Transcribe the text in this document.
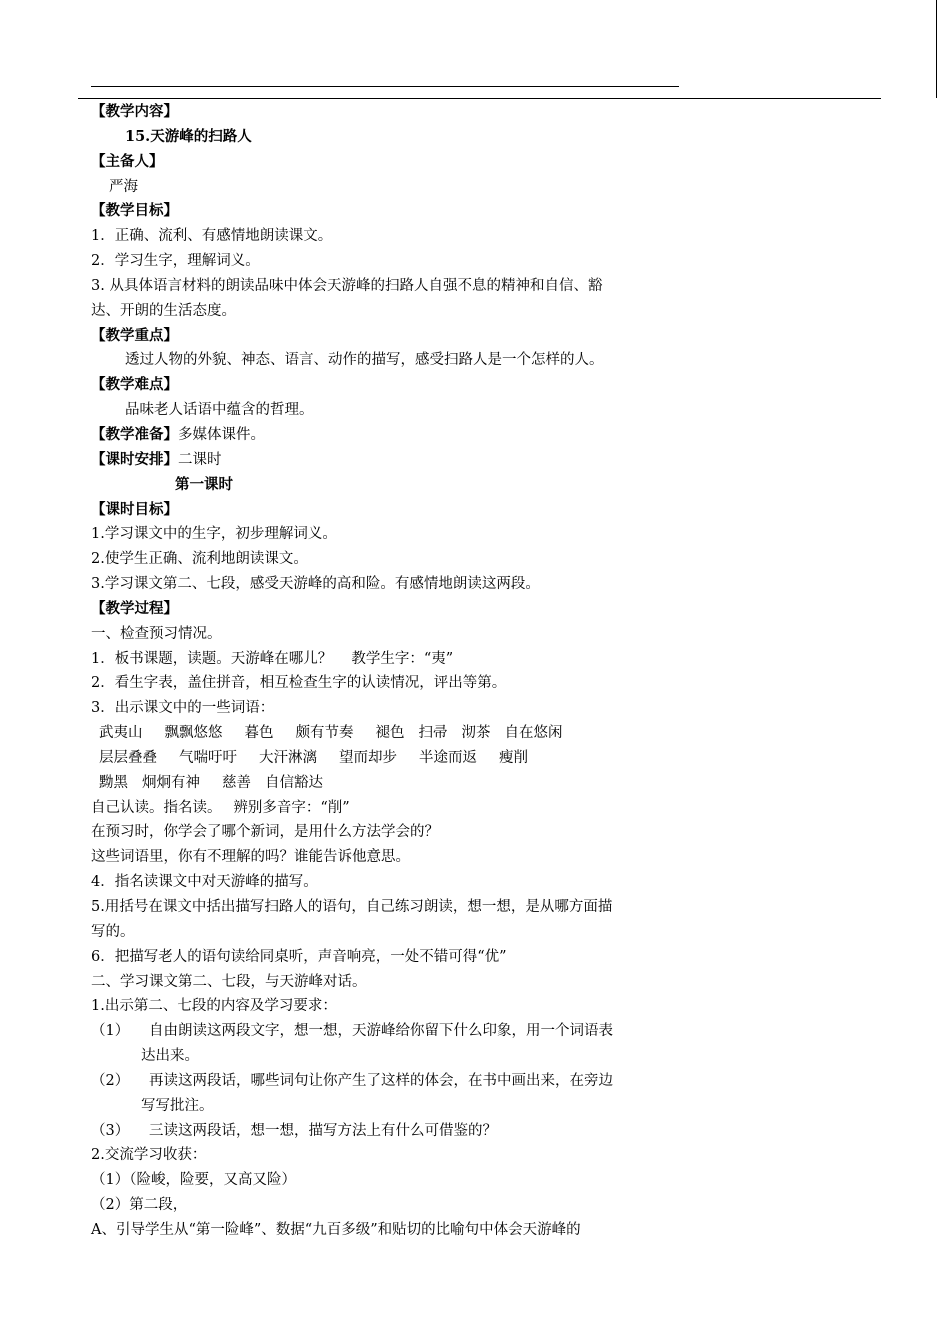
【教学内容】
15.天游峰的扫路人
【主备人】
严海
【教学目标】
1．正确、流利、有感情地朗读课文。
2．学习生字，理解词义。
3. 从具体语言材料的朗读品味中体会天游峰的扫路人自强不息的精神和自信、豁
达、开朗的生活态度。
【教学重点】
透过人物的外貌、神态、语言、动作的描写，感受扫路人是一个怎样的人。
【教学难点】
品味老人话语中蕴含的哲理。
【教学准备】多媒体课件。
【课时安排】二课时
第一课时
【课时目标】
1.学习课文中的生字，初步理解词义。
2.使学生正确、流利地朗读课文。
3.学习课文第二、七段，感受天游峰的高和险。有感情地朗读这两段。
【教学过程】
一、检查预习情况。
1．板书课题，读题。天游峰在哪儿？　 教学生字：“夷”
2．看生字表，盖住拼音，相互检查生字的认读情况，评出等第。
3．出示课文中的一些词语：
武夷山 飘飘悠悠 暮色 颇有节奏 褪色 扫帚 沏茶 自在悠闲
层层叠叠 气喘吁吁 大汗淋漓 望而却步 半途而返 瘦削
黝黑 炯炯有神 慈善 自信豁达
自己认读。指名读。　 辨别多音字：“削”
在预习时，你学会了哪个新词，是用什么方法学会的？
这些词语里，你有不理解的吗？谁能告诉他意思。
4．指名读课文中对天游峰的描写。
5.用括号在课文中括出描写扫路人的语句，自己练习朗读，想一想，是从哪方面描
写的。
6．把描写老人的语句读给同桌听，声音响亮，一处不错可得“优”
二、学习课文第二、七段，与天游峰对话。
1.出示第二、七段的内容及学习要求：
（1） 自由朗读这两段文字，想一想，天游峰给你留下什么印象，用一个词语表
达出来。
（2） 再读这两段话，哪些词句让你产生了这样的体会，在书中画出来，在旁边
写写批注。
（3） 三读这两段话，想一想，描写方法上有什么可借鉴的？
2.交流学习收获：
（1）（险峻，险要，又高又险）
（2）第二段，
A、引导学生从“第一险峰”、数据“九百多级”和贴切的比喻句中体会天游峰的
